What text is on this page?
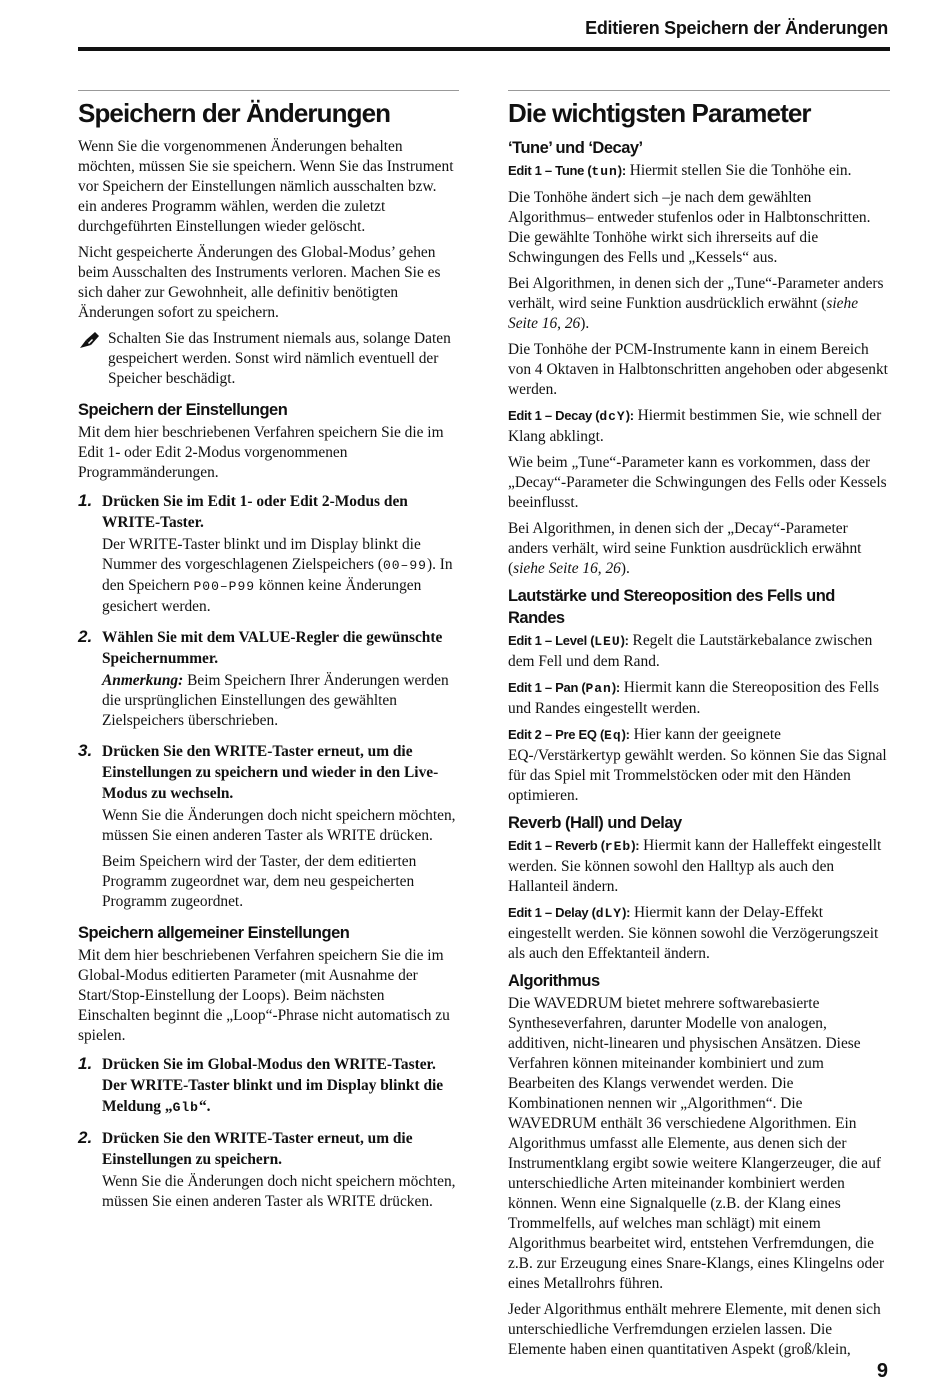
Editieren Speichern der Änderungen
Speichern der Änderungen

Wenn Sie die vorgenommenen Änderungen behalten möchten, müssen Sie sie speichern. Wenn Sie das Instrument vor Speichern der Einstellungen nämlich ausschalten bzw. ein anderes Programm wählen, werden die zuletzt durchgeführten Einstellungen wieder gelöscht.

Nicht gespeicherte Änderungen des Global-Modus’ gehen beim Ausschalten des Instruments verloren. Machen Sie es sich daher zur Gewohnheit, alle definitiv benötigten Änderungen sofort zu speichern.

Schalten Sie das Instrument niemals aus, solange Daten gespeichert werden. Sonst wird nämlich eventuell der Speicher beschädigt.

Speichern der Einstellungen

Mit dem hier beschriebenen Verfahren speichern Sie die im Edit 1- oder Edit 2-Modus vorgenommenen Programmänderungen.

1. Drücken Sie im Edit 1- oder Edit 2-Modus den WRITE-Taster.

Der WRITE-Taster blinkt und im Display blinkt die Nummer des vorgeschlagenen Zielspeichers (00–99). In den Speichern P00–P99 können keine Änderungen gesichert werden.

2. Wählen Sie mit dem VALUE-Regler die gewünschte Speichernummer.

Anmerkung: Beim Speichern Ihrer Änderungen werden die ursprünglichen Einstellungen des gewählten Zielspeichers überschrieben.

3. Drücken Sie den WRITE-Taster erneut, um die Einstellungen zu speichern und wieder in den Live-Modus zu wechseln.

Wenn Sie die Änderungen doch nicht speichern möchten, müssen Sie einen anderen Taster als WRITE drücken.

Beim Speichern wird der Taster, der dem editierten Programm zugeordnet war, dem neu gespeicherten Programm zugeordnet.

Speichern allgemeiner Einstellungen

Mit dem hier beschriebenen Verfahren speichern Sie die im Global-Modus editierten Parameter (mit Ausnahme der Start/Stop-Einstellung der Loops). Beim nächsten Einschalten beginnt die „Loop“-Phrase nicht automatisch zu spielen.

1. Drücken Sie im Global-Modus den WRITE-Taster. Der WRITE-Taster blinkt und im Display blinkt die Meldung „Glb“.
2. Drücken Sie den WRITE-Taster erneut, um die Einstellungen zu speichern.

Wenn Sie die Änderungen doch nicht speichern möchten, müssen Sie einen anderen Taster als WRITE drücken.

Die wichtigsten Parameter
‘Tune’ und ‘Decay’

Edit 1 – Tune (tun): Hiermit stellen Sie die Tonhöhe ein.

Die Tonhöhe ändert sich –je nach dem gewählten Algorithmus– entweder stufenlos oder in Halbtonschritten. Die gewählte Tonhöhe wirkt sich ihrerseits auf die Schwingungen des Fells und „Kessels“ aus.

Bei Algorithmen, in denen sich der „Tune“-Parameter anders verhält, wird seine Funktion ausdrücklich erwähnt (siehe Seite 16, 26).

Die Tonhöhe der PCM-Instrumente kann in einem Bereich von 4 Oktaven in Halbtonschritten angehoben oder abgesenkt werden.

Edit 1 – Decay (dcY): Hiermit bestimmen Sie, wie schnell der Klang abklingt.

Wie beim „Tune“-Parameter kann es vorkommen, dass der „Decay“-Parameter die Schwingungen des Fells oder Kessels beeinflusst.

Bei Algorithmen, in denen sich der „Decay“-Parameter anders verhält, wird seine Funktion ausdrücklich erwähnt (siehe Seite 16, 26).

Lautstärke und Stereoposition des Fells und Randes

Edit 1 – Level (LEU): Regelt die Lautstärkebalance zwischen dem Fell und dem Rand.

Edit 1 – Pan (Pan): Hiermit kann die Stereoposition des Fells und Randes eingestellt werden.

Edit 2 – Pre EQ (Eq): Hier kann der geeignete EQ-/Verstärkertyp gewählt werden. So können Sie das Signal für das Spiel mit Trommelstöcken oder mit den Händen optimieren.

Reverb (Hall) und Delay

Edit 1 – Reverb (rEb): Hiermit kann der Halleffekt eingestellt werden. Sie können sowohl den Halltyp als auch den Hallanteil ändern.

Edit 1 – Delay (dLY): Hiermit kann der Delay-Effekt eingestellt werden. Sie können sowohl die Verzögerungszeit als auch den Effektanteil ändern.

Algorithmus

Die WAVEDRUM bietet mehrere softwarebasierte Syntheseverfahren, darunter Modelle von analogen, additiven, nicht-linearen und physischen Ansätzen. Diese Verfahren können miteinander kombiniert und zum Bearbeiten des Klangs verwendet werden. Die Kombinationen nennen wir „Algorithmen“. Die WAVEDRUM enthält 36 verschiedene Algorithmen. Ein Algorithmus umfasst alle Elemente, aus denen sich der Instrumentklang ergibt sowie weitere Klangerzeuger, die auf unterschiedliche Arten miteinander kombiniert werden können. Wenn eine Signalquelle (z.B. der Klang eines Trommelfells, auf welches man schlägt) mit einem Algorithmus bearbeitet wird, entstehen Verfremdungen, die z.B. zur Erzeugung eines Snare-Klangs, eines Klingelns oder eines Metallrohrs führen.

Jeder Algorithmus enthält mehrere Elemente, mit denen sich unterschiedliche Verfremdungen erzielen lassen. Die Elemente haben einen quantitativen Aspekt (groß/klein,

9
